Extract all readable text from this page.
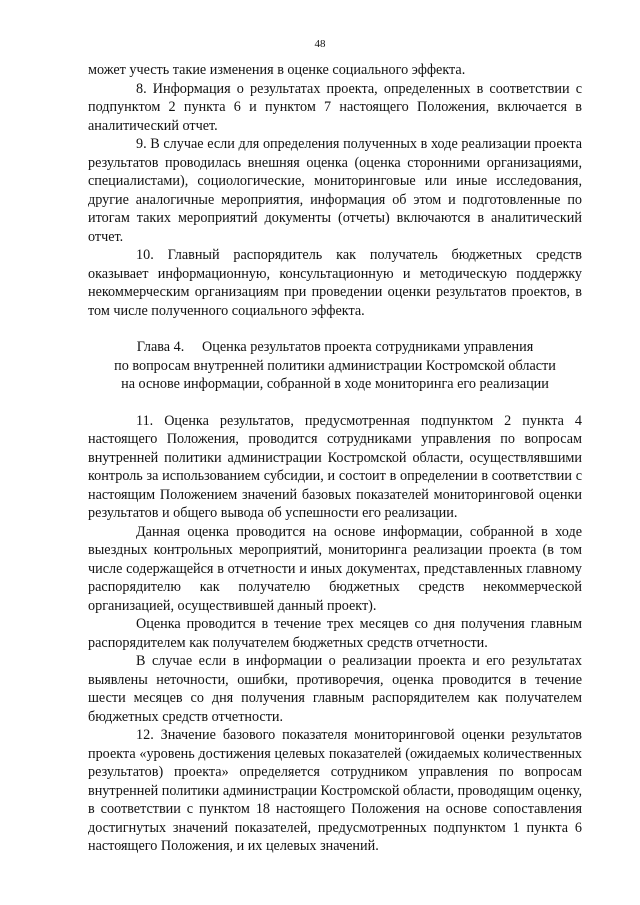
48

может учесть такие изменения в оценке социального эффекта.

8. Информация о результатах проекта, определенных в соответствии с подпунктом 2 пункта 6 и пунктом 7 настоящего Положения, включается в аналитический отчет.

9. В случае если для определения полученных в ходе реализации проекта результатов проводилась внешняя оценка (оценка сторонними организациями, специалистами), социологические, мониторинговые или иные исследования, другие аналогичные мероприятия, информация об этом и подготовленные по итогам таких мероприятий документы (отчеты) включаются в аналитический отчет.

10. Главный распорядитель как получатель бюджетных средств оказывает информационную, консультационную и методическую поддержку некоммерческим организациям при проведении оценки результатов проектов, в том числе полученного социального эффекта.

Глава 4.     Оценка результатов проекта сотрудниками управления
по вопросам внутренней политики администрации Костромской области
на основе информации, собранной в ходе мониторинга его реализации

11. Оценка результатов, предусмотренная подпунктом 2 пункта 4 настоящего Положения, проводится сотрудниками управления по вопросам внутренней политики администрации Костромской области, осуществлявшими контроль за использованием субсидии, и состоит в определении в соответствии с настоящим Положением значений базовых показателей мониторинговой оценки результатов и общего вывода об успешности его реализации.

Данная оценка проводится на основе информации, собранной в ходе выездных контрольных мероприятий, мониторинга реализации проекта (в том числе содержащейся в отчетности и иных документах, представленных главному распорядителю как получателю бюджетных средств некоммерческой организацией, осуществившей данный проект).

Оценка проводится в течение трех месяцев со дня получения главным распорядителем как получателем бюджетных средств отчетности.

В случае если в информации о реализации проекта и его результатах выявлены неточности, ошибки, противоречия, оценка проводится в течение шести месяцев со дня получения главным распорядителем как получателем бюджетных средств отчетности.

12. Значение базового показателя мониторинговой оценки результатов проекта «уровень достижения целевых показателей (ожидаемых количественных результатов) проекта» определяется сотрудником управления по вопросам внутренней политики администрации Костромской области, проводящим оценку, в соответствии с пунктом 18 настоящего Положения на основе сопоставления достигнутых значений показателей, предусмотренных подпунктом 1 пункта 6 настоящего Положения, и их целевых значений.
